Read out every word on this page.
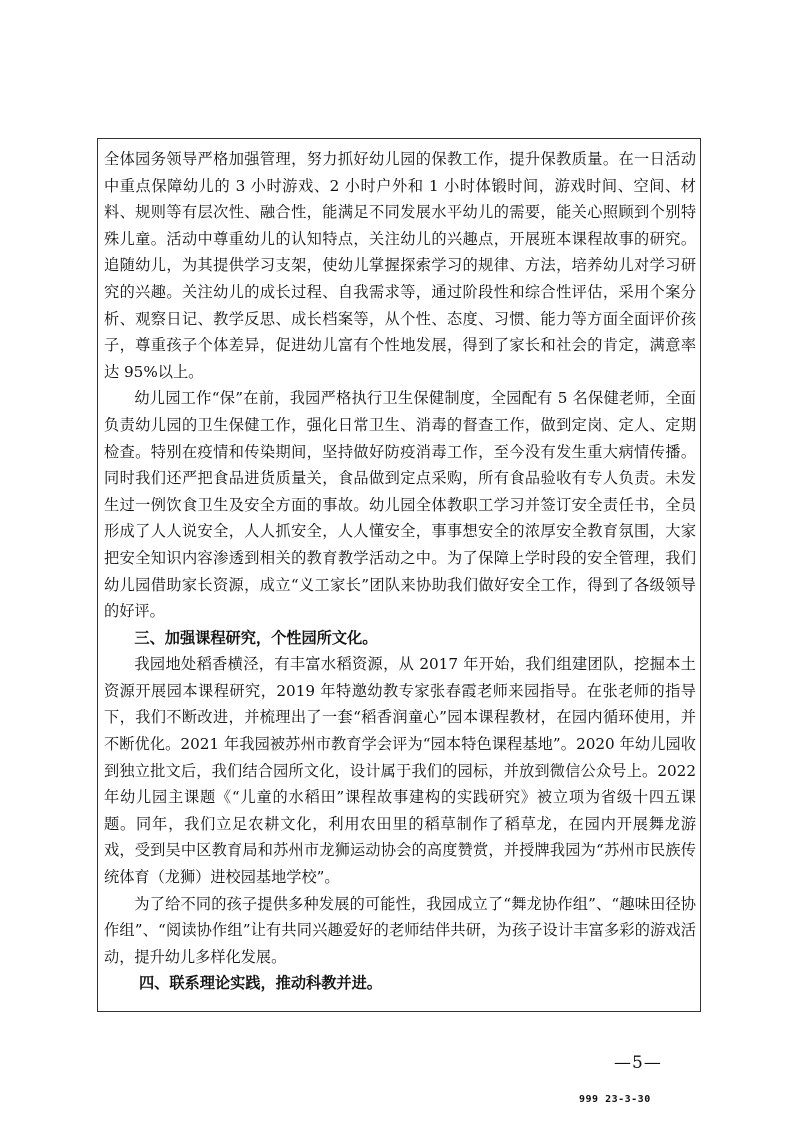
全体园务领导严格加强管理，努力抓好幼儿园的保教工作，提升保教质量。在一日活动中重点保障幼儿的 3 小时游戏、2 小时户外和 1 小时体锻时间，游戏时间、空间、材料、规则等有层次性、融合性，能满足不同发展水平幼儿的需要，能关心照顾到个别特殊儿童。活动中尊重幼儿的认知特点，关注幼儿的兴趣点，开展班本课程故事的研究。追随幼儿，为其提供学习支架，使幼儿掌握探索学习的规律、方法，培养幼儿对学习研究的兴趣。关注幼儿的成长过程、自我需求等，通过阶段性和综合性评估，采用个案分析、观察日记、教学反思、成长档案等，从个性、态度、习惯、能力等方面全面评价孩子，尊重孩子个体差异，促进幼儿富有个性地发展，得到了家长和社会的肯定，满意率达 95%以上。

幼儿园工作“保”在前，我园严格执行卫生保健制度，全园配有 5 名保健老师，全面负责幼儿园的卫生保健工作，强化日常卫生、消毒的督查工作，做到定岗、定人、定期检查。特别在疫情和传染期间，坚持做好防疫消毒工作，至今没有发生重大病情传播。同时我们还严把食品进货质量关，食品做到定点采购，所有食品验收有专人负责。未发生过一例饮食卫生及安全方面的事故。幼儿园全体教职工学习并签订安全责任书，全员形成了人人说安全，人人抓安全，人人懂安全，事事想安全的浓厚安全教育氛围，大家把安全知识内容渗透到相关的教育教学活动之中。为了保障上学时段的安全管理，我们幼儿园借助家长资源，成立“义工家长”团队来协助我们做好安全工作，得到了各级领导的好评。

三、加强课程研究，个性园所文化。

我园地处稻香横泾，有丰富水稻资源，从 2017 年开始，我们组建团队，挖掘本土资源开展园本课程研究，2019 年特邀幼教专家张春霞老师来园指导。在张老师的指导下，我们不断改进，并梳理出了一套“稻香润童心”园本课程教材，在园内循环使用，并不断优化。2021 年我园被苏州市教育学会评为“园本特色课程基地”。2020 年幼儿园收到独立批文后，我们结合园所文化，设计属于我们的园标，并放到微信公众号上。2022 年幼儿园主课题《“儿童的水稻田”课程故事建构的实践研究》被立项为省级十四五课题。同年，我们立足农耕文化，利用农田里的稻草制作了稻草龙，在园内开展舞龙游戏，受到吴中区教育局和苏州市龙狮运动协会的高度赞赏，并授牌我园为“苏州市民族传统体育（龙狮）进校园基地学校”。

为了给不同的孩子提供多种发展的可能性，我园成立了“舞龙协作组”、“趣味田径协作组”、“阅读协作组”让有共同兴趣爱好的老师结伴共研，为孩子设计丰富多彩的游戏活动，提升幼儿多样化发展。

四、联系理论实践，推动科教并进。

—5—
999 23-3-30
